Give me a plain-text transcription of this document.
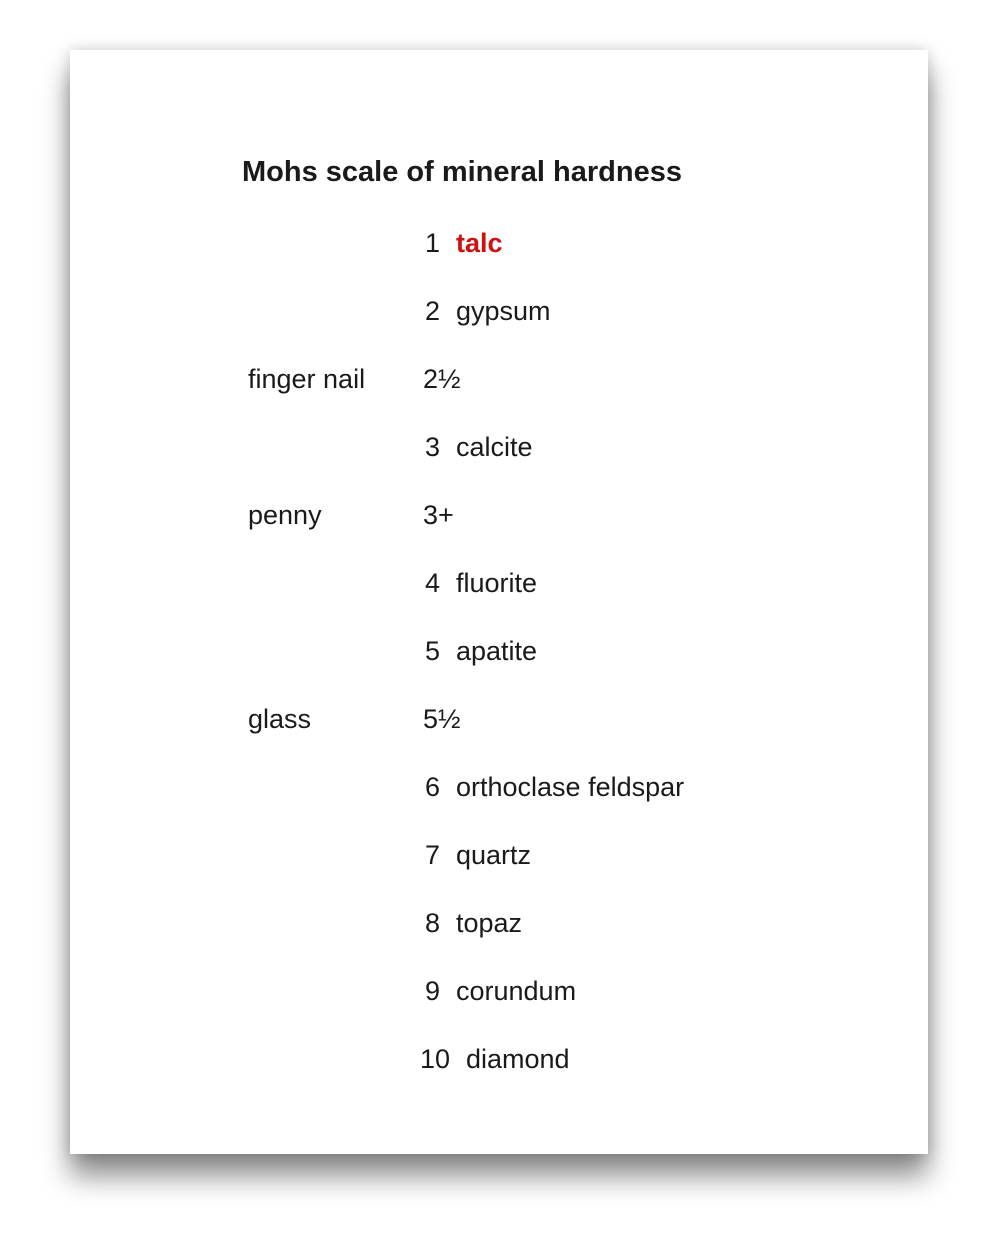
Mohs scale of mineral hardness
1 talc
2 gypsum
finger nail 2½
3 calcite
penny	3+
4 fluorite
5 apatite
glass	5½
6 orthoclase feldspar
7 quartz
8 topaz
9 corundum
10 diamond
